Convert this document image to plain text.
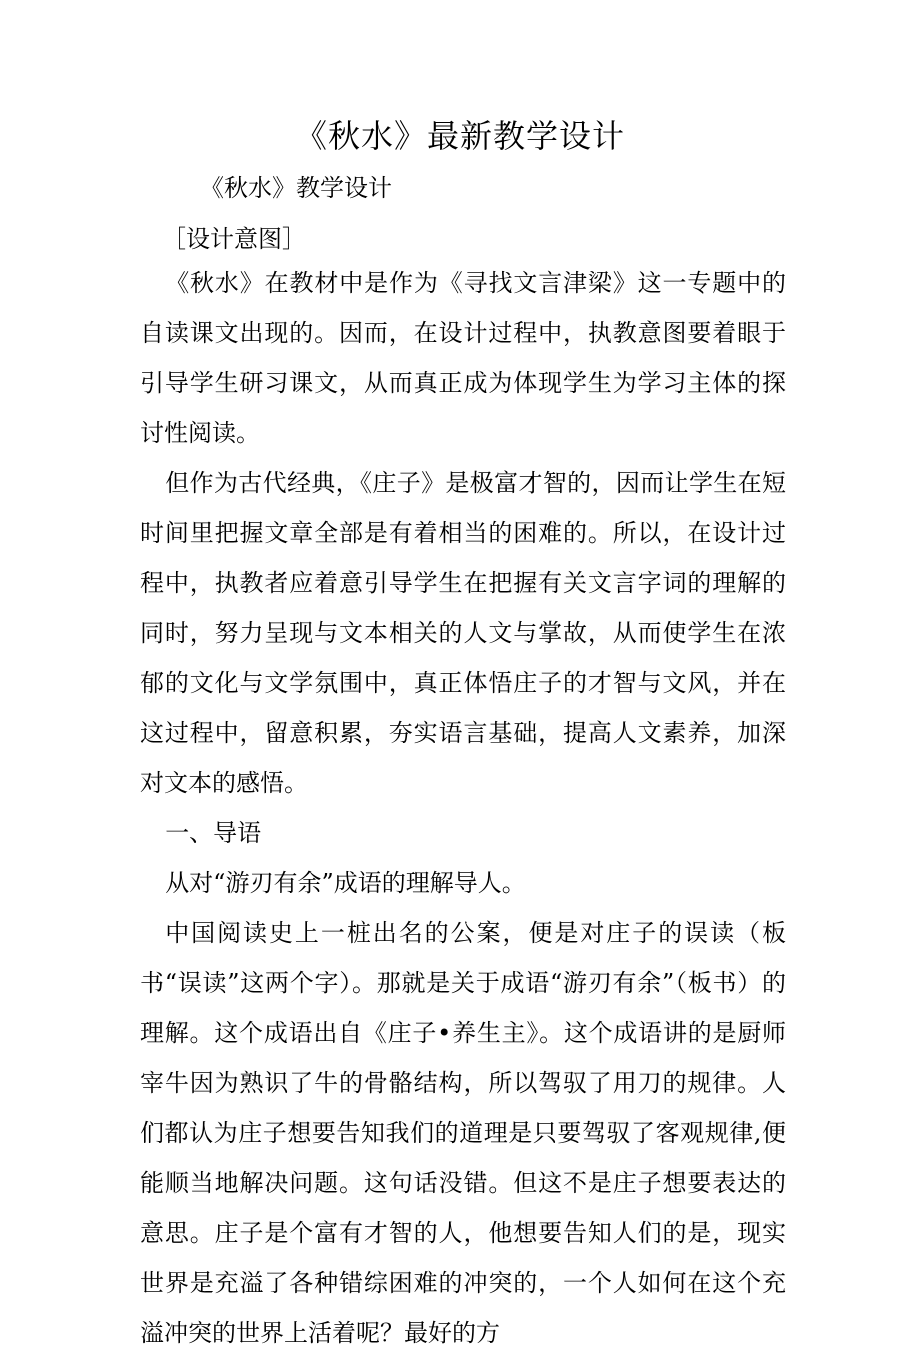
《秋水》最新教学设计
《秋水》教学设计
［设计意图］

《秋水》在教材中是作为《寻找文言津梁》这一专题中的自读课文出现的。因而，在设计过程中，执教意图要着眼于引导学生研习课文，从而真正成为体现学生为学习主体的探讨性阅读。

但作为古代经典，《庄子》是极富才智的，因而让学生在短时间里把握文章全部是有着相当的困难的。所以，在设计过程中，执教者应着意引导学生在把握有关文言字词的理解的同时，努力呈现与文本相关的人文与掌故，从而使学生在浓郁的文化与文学氛围中，真正体悟庄子的才智与文风，并在这过程中，留意积累，夯实语言基础，提高人文素养，加深对文本的感悟。

一、导语

从对“游刃有余”成语的理解导人。

中国阅读史上一桩出名的公案，便是对庄子的误读（板书“误读”这两个字）。那就是关于成语“游刃有余”（板书）的理解。这个成语出自《庄子•养生主》。这个成语讲的是厨师宰牛因为熟识了牛的骨骼结构，所以驾驭了用刀的规律。人们都认为庄子想要告知我们的道理是只要驾驭了客观规律,便能顺当地解决问题。这句话没错。但这不是庄子想要表达的意思。庄子是个富有才智的人，他想要告知人们的是，现实世界是充溢了各种错综困难的冲突的，一个人如何在这个充溢冲突的世界上活着呢？最好的方
